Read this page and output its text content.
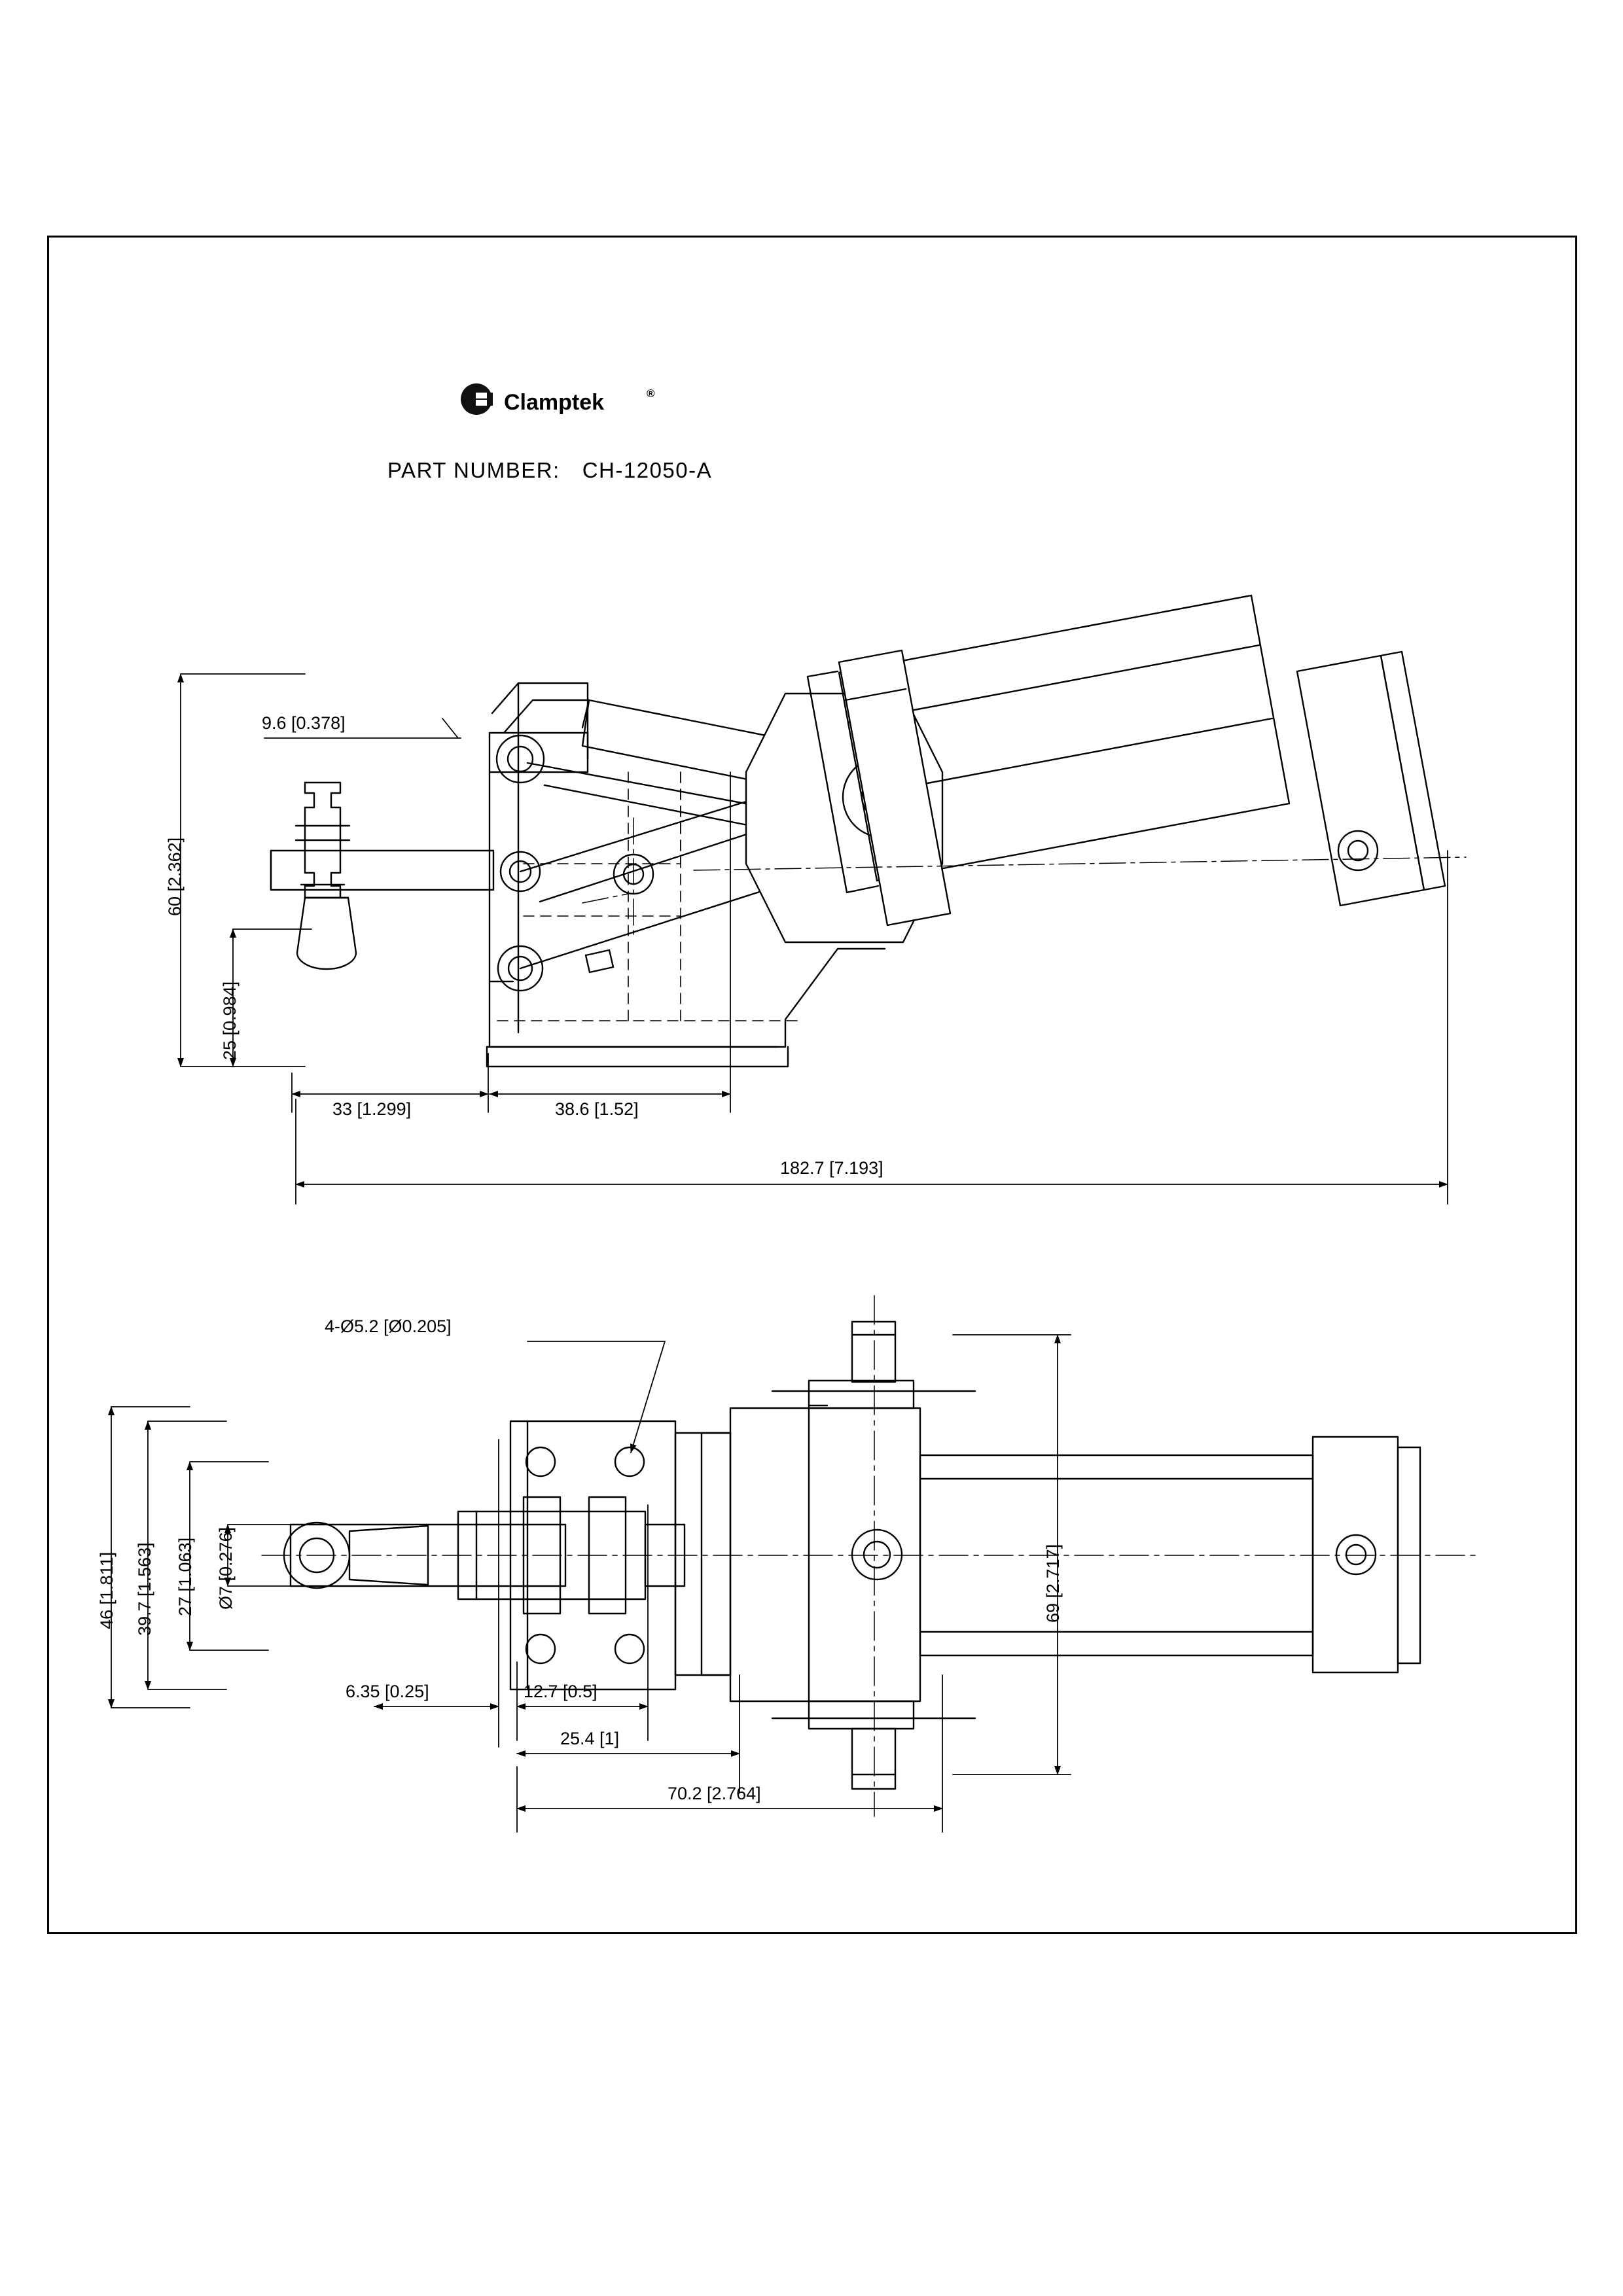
Clamptek	®
PART NUMBER: CH-12050-A
9.6 [0.378]
60 [2.362]
25 [0.984]
33 [1.299]	38.6 [1.52]
182.7 [7.193]
4-Ø5.2 [Ø0.205]
46 [1.811] 39.7 [1.563] 27 [1.063] Ø7 [0.276]	69 [2.717]
6.35 [0.25]	12.7 [0.5]
25.4 [1]
70.2 [2.764]
